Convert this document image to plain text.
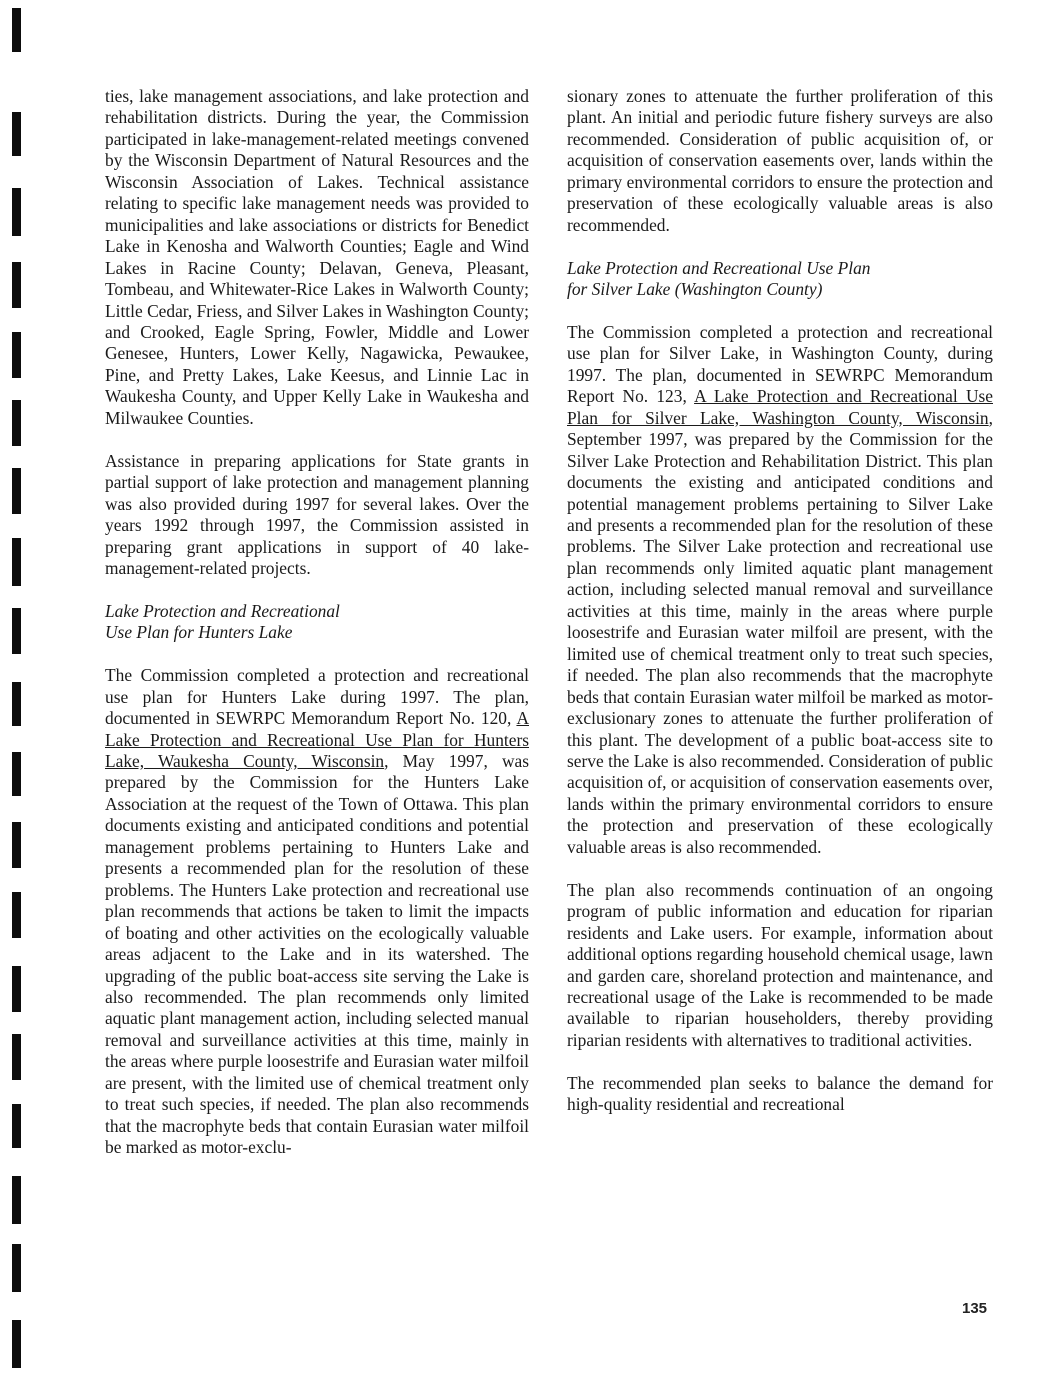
ties, lake management associations, and lake protection and rehabilitation districts. During the year, the Commission participated in lake-management-related meetings convened by the Wisconsin Department of Natural Resources and the Wisconsin Association of Lakes. Technical assistance relating to specific lake management needs was provided to municipalities and lake associations or districts for Benedict Lake in Kenosha and Walworth Counties; Eagle and Wind Lakes in Racine County; Delavan, Geneva, Pleasant, Tombeau, and Whitewater-Rice Lakes in Walworth County; Little Cedar, Friess, and Silver Lakes in Washington County; and Crooked, Eagle Spring, Fowler, Middle and Lower Genesee, Hunters, Lower Kelly, Nagawicka, Pewaukee, Pine, and Pretty Lakes, Lake Keesus, and Linnie Lac in Waukesha County, and Upper Kelly Lake in Waukesha and Milwaukee Counties.

Assistance in preparing applications for State grants in partial support of lake protection and management planning was also provided during 1997 for several lakes. Over the years 1992 through 1997, the Commission assisted in preparing grant applications in support of 40 lake-management-related projects.

Lake Protection and Recreational
Use Plan for Hunters Lake

The Commission completed a protection and recreational use plan for Hunters Lake during 1997. The plan, documented in SEWRPC Memorandum Report No. 120, A Lake Protection and Recreational Use Plan for Hunters Lake, Waukesha County, Wisconsin, May 1997, was prepared by the Commission for the Hunters Lake Association at the request of the Town of Ottawa. This plan documents existing and anticipated conditions and potential management problems pertaining to Hunters Lake and presents a recommended plan for the resolution of these problems. The Hunters Lake protection and recreational use plan recommends that actions be taken to limit the impacts of boating and other activities on the ecologically valuable areas adjacent to the Lake and in its watershed. The upgrading of the public boat-access site serving the Lake is also recommended. The plan recommends only limited aquatic plant management action, including selected manual removal and surveillance activities at this time, mainly in the areas where purple loosestrife and Eurasian water milfoil are present, with the limited use of chemical treatment only to treat such species, if needed. The plan also recommends that the macrophyte beds that contain Eurasian water milfoil be marked as motor-exclu-

sionary zones to attenuate the further proliferation of this plant. An initial and periodic future fishery surveys are also recommended. Consideration of public acquisition of, or acquisition of conservation easements over, lands within the primary environmental corridors to ensure the protection and preservation of these ecologically valuable areas is also recommended.

Lake Protection and Recreational Use Plan
for Silver Lake (Washington County)

The Commission completed a protection and recreational use plan for Silver Lake, in Washington County, during 1997. The plan, documented in SEWRPC Memorandum Report No. 123, A Lake Protection and Recreational Use Plan for Silver Lake, Washington County, Wisconsin, September 1997, was prepared by the Commission for the Silver Lake Protection and Rehabilitation District. This plan documents the existing and anticipated conditions and potential management problems pertaining to Silver Lake and presents a recommended plan for the resolution of these problems. The Silver Lake protection and recreational use plan recommends only limited aquatic plant management action, including selected manual removal and surveillance activities at this time, mainly in the areas where purple loosestrife and Eurasian water milfoil are present, with the limited use of chemical treatment only to treat such species, if needed. The plan also recommends that the macrophyte beds that contain Eurasian water milfoil be marked as motor-exclusionary zones to attenuate the further proliferation of this plant. The development of a public boat-access site to serve the Lake is also recommended. Consideration of public acquisition of, or acquisition of conservation easements over, lands within the primary environmental corridors to ensure the protection and preservation of these ecologically valuable areas is also recommended.

The plan also recommends continuation of an ongoing program of public information and education for riparian residents and Lake users. For example, information about additional options regarding household chemical usage, lawn and garden care, shoreland protection and maintenance, and recreational usage of the Lake is recommended to be made available to riparian householders, thereby providing riparian residents with alternatives to traditional activities.

The recommended plan seeks to balance the demand for high-quality residential and recreational

135
